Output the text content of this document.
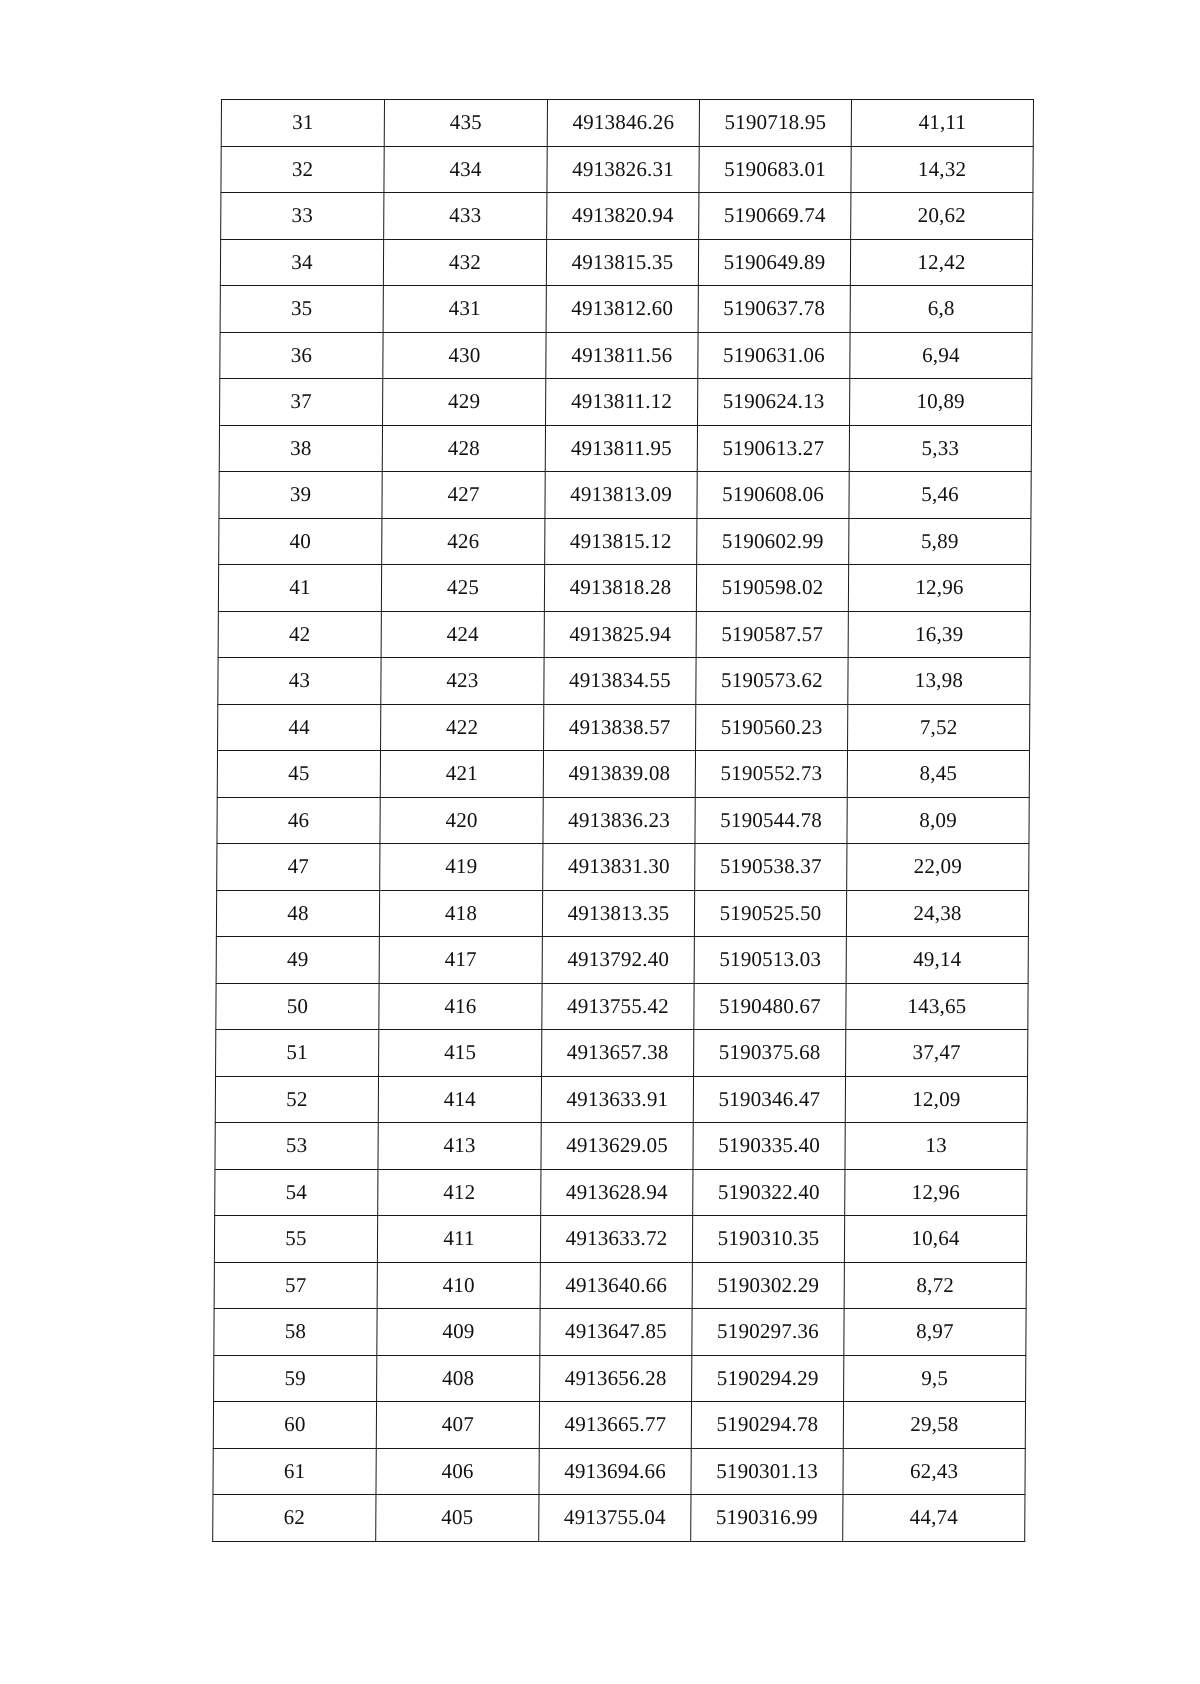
31	435	4913846.26	5190718.95	41,11
32	434	4913826.31	5190683.01	14,32
33	433	4913820.94	5190669.74	20,62
34	432	4913815.35	5190649.89	12,42
35	431	4913812.60	5190637.78	6,8
36	430	4913811.56	5190631.06	6,94
37	429	4913811.12	5190624.13	10,89
38	428	4913811.95	5190613.27	5,33
39	427	4913813.09	5190608.06	5,46
40	426	4913815.12	5190602.99	5,89
41	425	4913818.28	5190598.02	12,96
42	424	4913825.94	5190587.57	16,39
43	423	4913834.55	5190573.62	13,98
44	422	4913838.57	5190560.23	7,52
45	421	4913839.08	5190552.73	8,45
46	420	4913836.23	5190544.78	8,09
47	419	4913831.30	5190538.37	22,09
48	418	4913813.35	5190525.50	24,38
49	417	4913792.40	5190513.03	49,14
50	416	4913755.42	5190480.67	143,65
51	415	4913657.38	5190375.68	37,47
52	414	4913633.91	5190346.47	12,09
53	413	4913629.05	5190335.40	13
54	412	4913628.94	5190322.40	12,96
55	411	4913633.72	5190310.35	10,64
57	410	4913640.66	5190302.29	8,72
58	409	4913647.85	5190297.36	8,97
59	408	4913656.28	5190294.29	9,5
60	407	4913665.77	5190294.78	29,58
61	406	4913694.66	5190301.13	62,43
62	405	4913755.04	5190316.99	44,74
